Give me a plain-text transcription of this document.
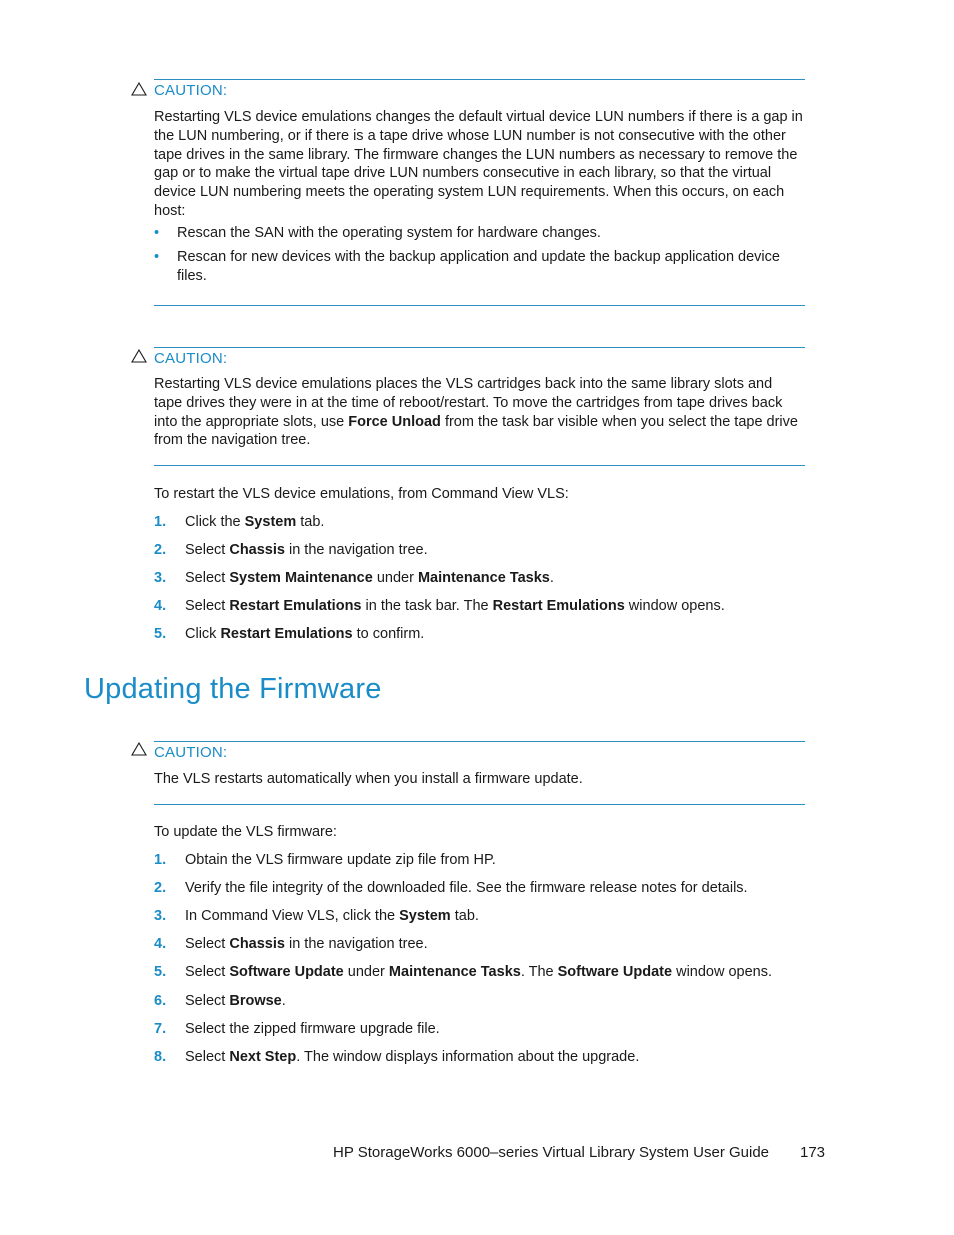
CAUTION:
Restarting VLS device emulations changes the default virtual device LUN numbers if there is a gap in the LUN numbering, or if there is a tape drive whose LUN number is not consecutive with the other tape drives in the same library. The firmware changes the LUN numbers as necessary to remove the gap or to make the virtual tape drive LUN numbers consecutive in each library, so that the virtual device LUN numbering meets the operating system LUN requirements. When this occurs, on each host:
• Rescan the SAN with the operating system for hardware changes.
• Rescan for new devices with the backup application and update the backup application device files.
CAUTION:
Restarting VLS device emulations places the VLS cartridges back into the same library slots and tape drives they were in at the time of reboot/restart. To move the cartridges from tape drives back into the appropriate slots, use Force Unload from the task bar visible when you select the tape drive from the navigation tree.
To restart the VLS device emulations, from Command View VLS:
1.	Click the System tab.
2.	Select Chassis in the navigation tree.
3.	Select System Maintenance under Maintenance Tasks.
4.	Select Restart Emulations in the task bar. The Restart Emulations window opens.
5.	Click Restart Emulations to confirm.
Updating the Firmware
CAUTION:
The VLS restarts automatically when you install a firmware update.
To update the VLS firmware:
1.	Obtain the VLS firmware update zip file from HP.
2.	Verify the file integrity of the downloaded file. See the firmware release notes for details.
3.	In Command View VLS, click the System tab.
4.	Select Chassis in the navigation tree.
5.	Select Software Update under Maintenance Tasks. The Software Update window opens.
6.	Select Browse.
7.	Select the zipped firmware upgrade file.
8.	Select Next Step. The window displays information about the upgrade.
HP StorageWorks 6000–series Virtual Library System User Guide 173
